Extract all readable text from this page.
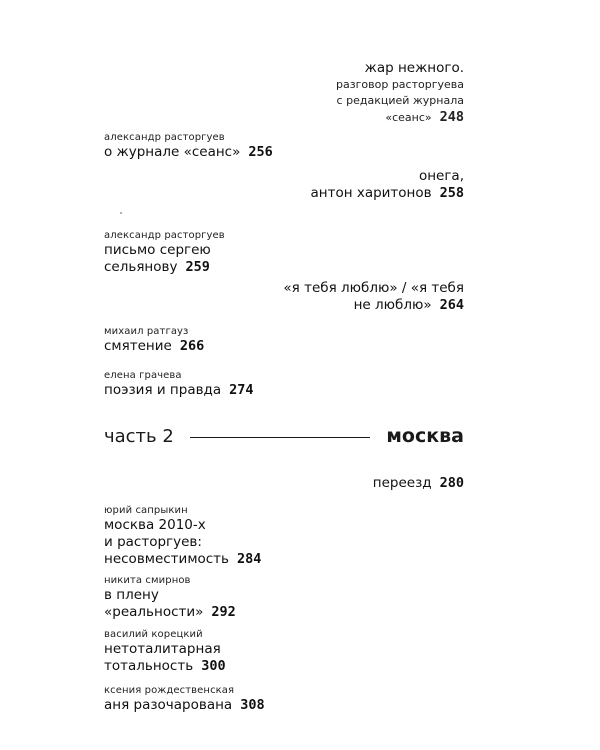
жар нежного.
разговор расторгуева
с редакцией журнала
«сеанс» 248
александр расторгуев
о журнале «сеанс» 256
онега,
антон харитонов 258
александр расторгуев
письмо сергею
сельянову 259
«я тебя люблю» / «я тебя
не люблю» 264
михаил ратгауз
смятение 266
елена грачева
поэзия и правда 274
часть 2	москва
переезд 280
юрий сапрыкин
москва 2010-х
и расторгуев:
несовместимость 284
никита смирнов
в плену
«реальности» 292
василий корецкий
нетоталитарная
тотальность 300
ксения рождественская
аня разочарована 308
